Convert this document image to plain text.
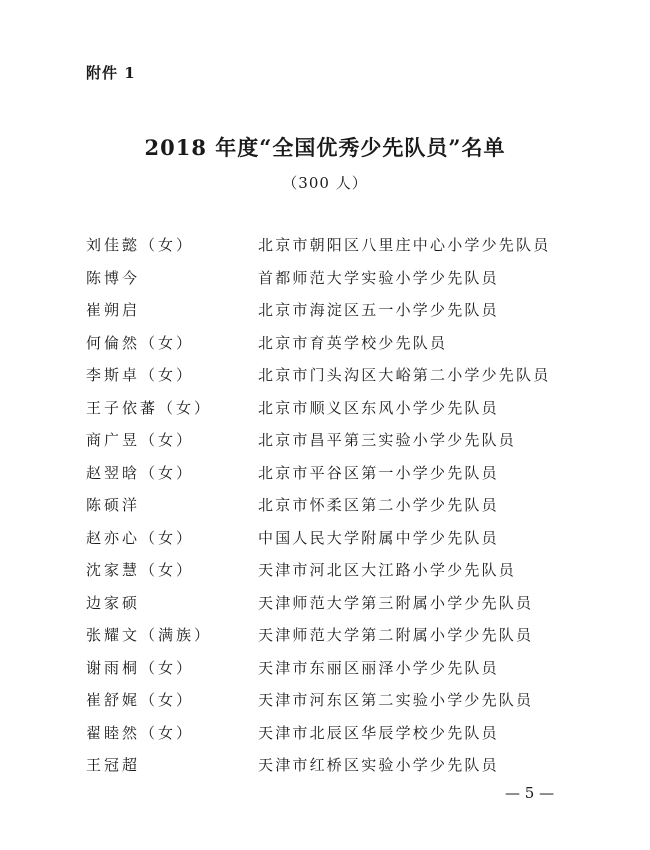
附件 1
2018 年度“全国优秀少先队员”名单
（300 人）
刘佳懿（女）	北京市朝阳区八里庄中心小学少先队员
陈博今	首都师范大学实验小学少先队员
崔朔启	北京市海淀区五一小学少先队员
何倫然（女）	北京市育英学校少先队员
李斯卓（女）	北京市门头沟区大峪第二小学少先队员
王子依蕃（女）	北京市顺义区东风小学少先队员
商广昱（女）	北京市昌平第三实验小学少先队员
赵翌晗（女）	北京市平谷区第一小学少先队员
陈硕洋	北京市怀柔区第二小学少先队员
赵亦心（女）	中国人民大学附属中学少先队员
沈家慧（女）	天津市河北区大江路小学少先队员
边家硕	天津师范大学第三附属小学少先队员
张耀文（满族）	天津师范大学第二附属小学少先队员
谢雨桐（女）	天津市东丽区丽泽小学少先队员
崔舒娓（女）	天津市河东区第二实验小学少先队员
翟睦然（女）	天津市北辰区华辰学校少先队员
王冠超	天津市红桥区实验小学少先队员
— 5 —
